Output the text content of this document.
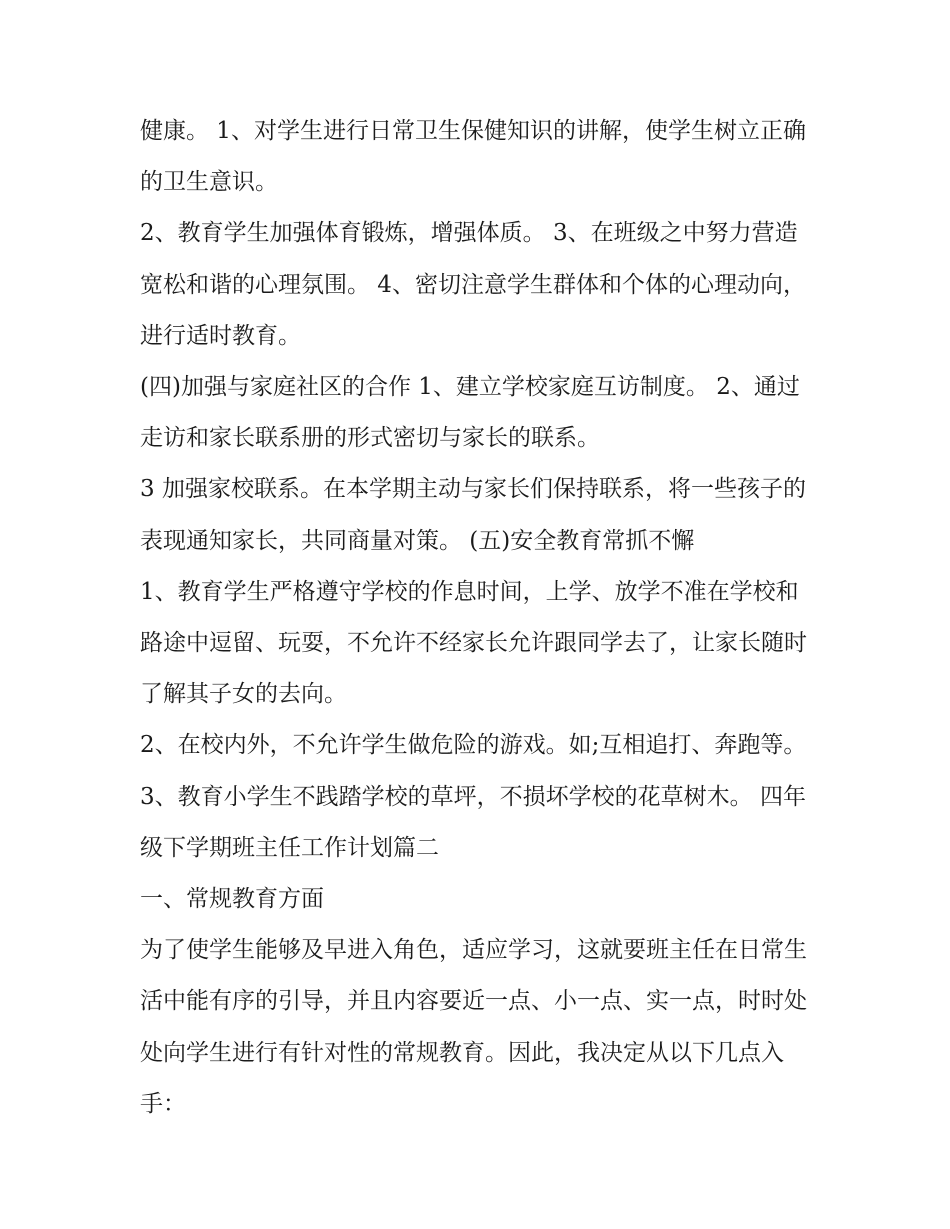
健康。 1、对学生进行日常卫生保健知识的讲解，使学生树立正确的卫生意识。

2、教育学生加强体育锻炼，增强体质。 3、在班级之中努力营造宽松和谐的心理氛围。 4、密切注意学生群体和个体的心理动向，进行适时教育。

(四)加强与家庭社区的合作 1、建立学校家庭互访制度。 2、通过走访和家长联系册的形式密切与家长的联系。

3 加强家校联系。在本学期主动与家长们保持联系，将一些孩子的表现通知家长，共同商量对策。 (五)安全教育常抓不懈

1、教育学生严格遵守学校的作息时间，上学、放学不准在学校和路途中逗留、玩耍，不允许不经家长允许跟同学去了，让家长随时了解其子女的去向。

2、在校内外，不允许学生做危险的游戏。如;互相追打、奔跑等。 3、教育小学生不践踏学校的草坪，不损坏学校的花草树木。 四年级下学期班主任工作计划篇二

一、常规教育方面

为了使学生能够及早进入角色，适应学习，这就要班主任在日常生活中能有序的引导，并且内容要近一点、小一点、实一点，时时处处向学生进行有针对性的常规教育。因此，我决定从以下几点入手：
